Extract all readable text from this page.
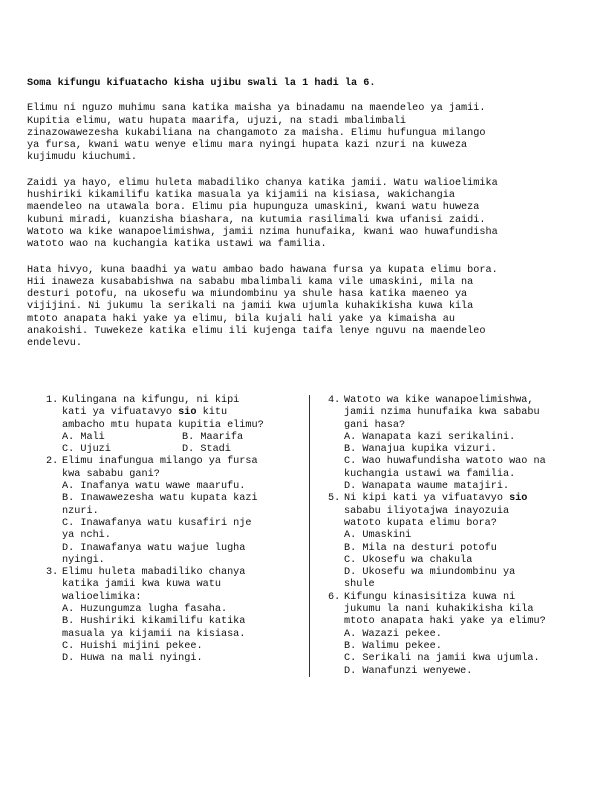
Soma kifungu kifuatacho kisha ujibu swali la 1 hadi la 6.

Elimu ni nguzo muhimu sana katika maisha ya binadamu na maendeleo ya jamii.
Kupitia elimu, watu hupata maarifa, ujuzi, na stadi mbalimbali
zinazowawezesha kukabiliana na changamoto za maisha. Elimu hufungua milango
ya fursa, kwani watu wenye elimu mara nyingi hupata kazi nzuri na kuweza
kujimudu kiuchumi.

Zaidi ya hayo, elimu huleta mabadiliko chanya katika jamii. Watu walioelimika
hushiriki kikamilifu katika masuala ya kijamii na kisiasa, wakichangia
maendeleo na utawala bora. Elimu pia hupunguza umaskini, kwani watu huweza
kubuni miradi, kuanzisha biashara, na kutumia rasilimali kwa ufanisi zaidi.
Watoto wa kike wanapoelimishwa, jamii nzima hunufaika, kwani wao huwafundisha
watoto wao na kuchangia katika ustawi wa familia.

Hata hivyo, kuna baadhi ya watu ambao bado hawana fursa ya kupata elimu bora.
Hii inaweza kusababishwa na sababu mbalimbali kama vile umaskini, mila na
desturi potofu, na ukosefu wa miundombinu ya shule hasa katika maeneo ya
vijijini. Ni jukumu la serikali na jamii kwa ujumla kuhakikisha kuwa kila
mtoto anapata haki yake ya elimu, bila kujali hali yake ya kimaisha au
anakoishi. Tuwekeze katika elimu ili kujenga taifa lenye nguvu na maendeleo
endelevu.

1. Kulingana na kifungu, ni kipi
kati ya vifuatavyo sio kitu
ambacho mtu hupata kupitia elimu?
A. Mali	B. Maarifa
C. Ujuzi	D. Stadi
2. Elimu inafungua milango ya fursa
kwa sababu gani?
A. Inafanya watu wawe maarufu.
B. Inawawezesha watu kupata kazi
nzuri.
C. Inawafanya watu kusafiri nje
ya nchi.
D. Inawafanya watu wajue lugha
nyingi.
3. Elimu huleta mabadiliko chanya
katika jamii kwa kuwa watu
walioelimika:
A. Huzungumza lugha fasaha.
B. Hushiriki kikamilifu katika
masuala ya kijamii na kisiasa.
C. Huishi mijini pekee.
D. Huwa na mali nyingi.
4. Watoto wa kike wanapoelimishwa,
jamii nzima hunufaika kwa sababu
gani hasa?
A. Wanapata kazi serikalini.
B. Wanajua kupika vizuri.
C. Wao huwafundisha watoto wao na
kuchangia ustawi wa familia.
D. Wanapata waume matajiri.
5. Ni kipi kati ya vifuatavyo sio
sababu iliyotajwa inayozuia
watoto kupata elimu bora?
A. Umaskini
B. Mila na desturi potofu
C. Ukosefu wa chakula
D. Ukosefu wa miundombinu ya
shule
6. Kifungu kinasisitiza kuwa ni
jukumu la nani kuhakikisha kila
mtoto anapata haki yake ya elimu?
A. Wazazi pekee.
B. Walimu pekee.
C. Serikali na jamii kwa ujumla.
D. Wanafunzi wenyewe.
